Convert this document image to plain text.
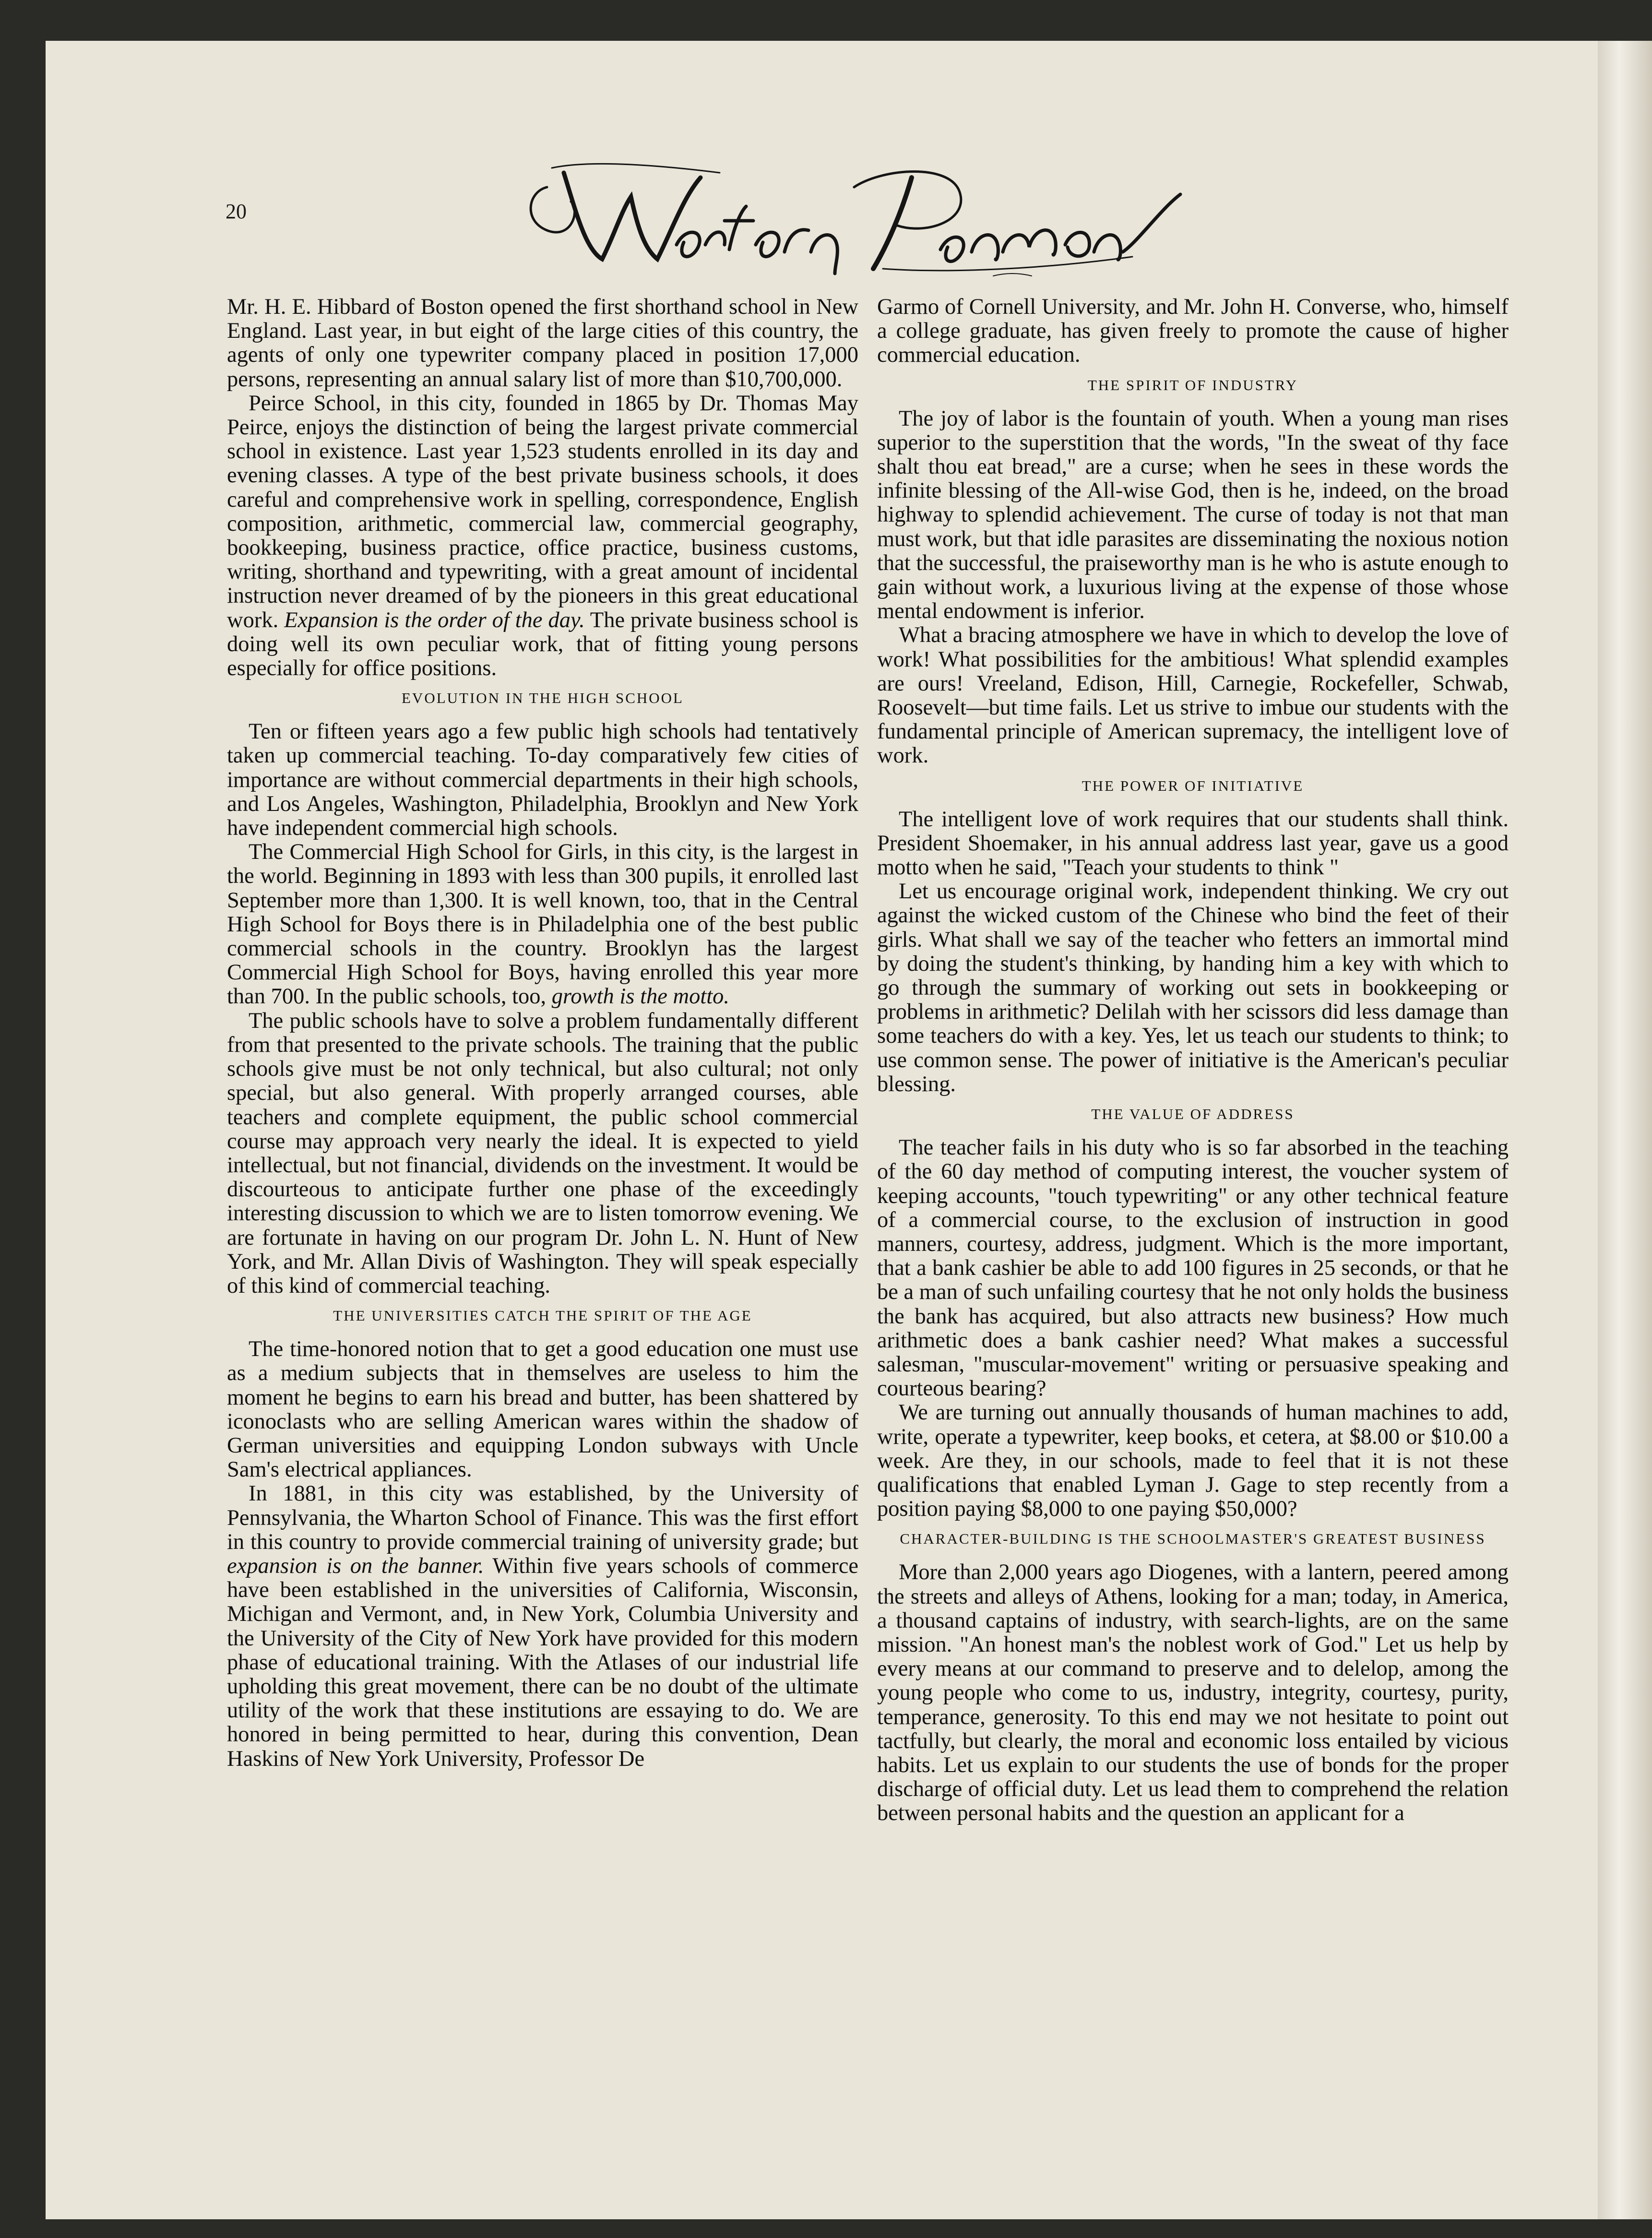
20

Mr. H. E. Hibbard of Boston opened the first shorthand school in New England. Last year, in but eight of the large cities of this country, the agents of only one typewriter company placed in position 17,000 persons, representing an annual salary list of more than $10,700,000.

Peirce School, in this city, founded in 1865 by Dr. Thomas May Peirce, enjoys the distinction of being the largest private commercial school in existence. Last year 1,523 students enrolled in its day and evening classes. A type of the best private business schools, it does careful and comprehensive work in spelling, correspondence, English composition, arithmetic, commercial law, commercial geography, bookkeeping, business practice, office practice, business customs, writing, shorthand and typewriting, with a great amount of incidental instruction never dreamed of by the pioneers in this great educational work. Expansion is the order of the day. The private business school is doing well its own peculiar work, that of fitting young persons especially for office positions.

EVOLUTION IN THE HIGH SCHOOL

Ten or fifteen years ago a few public high schools had tentatively taken up commercial teaching. To-day comparatively few cities of importance are without commercial departments in their high schools, and Los Angeles, Washington, Philadelphia, Brooklyn and New York have independent commercial high schools.

The Commercial High School for Girls, in this city, is the largest in the world. Beginning in 1893 with less than 300 pupils, it enrolled last September more than 1,300. It is well known, too, that in the Central High School for Boys there is in Philadelphia one of the best public commercial schools in the country. Brooklyn has the largest Commercial High School for Boys, having enrolled this year more than 700. In the public schools, too, growth is the motto.

The public schools have to solve a problem fundamentally different from that presented to the private schools. The training that the public schools give must be not only technical, but also cultural; not only special, but also general. With properly arranged courses, able teachers and complete equipment, the public school commercial course may approach very nearly the ideal. It is expected to yield intellectual, but not financial, dividends on the investment. It would be discourteous to anticipate further one phase of the exceedingly interesting discussion to which we are to listen tomorrow evening. We are fortunate in having on our program Dr. John L. N. Hunt of New York, and Mr. Allan Divis of Washington. They will speak especially of this kind of commercial teaching.

THE UNIVERSITIES CATCH THE SPIRIT OF THE AGE

The time-honored notion that to get a good education one must use as a medium subjects that in themselves are useless to him the moment he begins to earn his bread and butter, has been shattered by iconoclasts who are selling American wares within the shadow of German universities and equipping London subways with Uncle Sam's electrical appliances.

In 1881, in this city was established, by the University of Pennsylvania, the Wharton School of Finance. This was the first effort in this country to provide commercial training of university grade; but expansion is on the banner. Within five years schools of commerce have been established in the universities of California, Wisconsin, Michigan and Vermont, and, in New York, Columbia University and the University of the City of New York have provided for this modern phase of educational training. With the Atlases of our industrial life upholding this great movement, there can be no doubt of the ultimate utility of the work that these institutions are essaying to do. We are honored in being permitted to hear, during this convention, Dean Haskins of New York University, Professor De

Garmo of Cornell University, and Mr. John H. Converse, who, himself a college graduate, has given freely to promote the cause of higher commercial education.

THE SPIRIT OF INDUSTRY

The joy of labor is the fountain of youth. When a young man rises superior to the superstition that the words, "In the sweat of thy face shalt thou eat bread," are a curse; when he sees in these words the infinite blessing of the All-wise God, then is he, indeed, on the broad highway to splendid achievement. The curse of today is not that man must work, but that idle parasites are disseminating the noxious notion that the successful, the praiseworthy man is he who is astute enough to gain without work, a luxurious living at the expense of those whose mental endowment is inferior.

What a bracing atmosphere we have in which to develop the love of work! What possibilities for the ambitious! What splendid examples are ours! Vreeland, Edison, Hill, Carnegie, Rockefeller, Schwab, Roosevelt—but time fails. Let us strive to imbue our students with the fundamental principle of American supremacy, the intelligent love of work.

THE POWER OF INITIATIVE

The intelligent love of work requires that our students shall think. President Shoemaker, in his annual address last year, gave us a good motto when he said, "Teach your students to think "

Let us encourage original work, independent thinking. We cry out against the wicked custom of the Chinese who bind the feet of their girls. What shall we say of the teacher who fetters an immortal mind by doing the student's thinking, by handing him a key with which to go through the summary of working out sets in bookkeeping or problems in arithmetic? Delilah with her scissors did less damage than some teachers do with a key. Yes, let us teach our students to think; to use common sense. The power of initiative is the American's peculiar blessing.

THE VALUE OF ADDRESS

The teacher fails in his duty who is so far absorbed in the teaching of the 60 day method of computing interest, the voucher system of keeping accounts, "touch typewriting" or any other technical feature of a commercial course, to the exclusion of instruction in good manners, courtesy, address, judgment. Which is the more important, that a bank cashier be able to add 100 figures in 25 seconds, or that he be a man of such unfailing courtesy that he not only holds the business the bank has acquired, but also attracts new business? How much arithmetic does a bank cashier need? What makes a successful salesman, "muscular-movement" writing or persuasive speaking and courteous bearing?

We are turning out annually thousands of human machines to add, write, operate a typewriter, keep books, et cetera, at $8.00 or $10.00 a week. Are they, in our schools, made to feel that it is not these qualifications that enabled Lyman J. Gage to step recently from a position paying $8,000 to one paying $50,000?

CHARACTER-BUILDING IS THE SCHOOLMASTER'S GREATEST BUSINESS

More than 2,000 years ago Diogenes, with a lantern, peered among the streets and alleys of Athens, looking for a man; today, in America, a thousand captains of industry, with search-lights, are on the same mission. "An honest man's the noblest work of God." Let us help by every means at our command to preserve and to delelop, among the young people who come to us, industry, integrity, courtesy, purity, temperance, generosity. To this end may we not hesitate to point out tactfully, but clearly, the moral and economic loss entailed by vicious habits. Let us explain to our students the use of bonds for the proper discharge of official duty. Let us lead them to comprehend the relation between personal habits and the question an applicant for a
